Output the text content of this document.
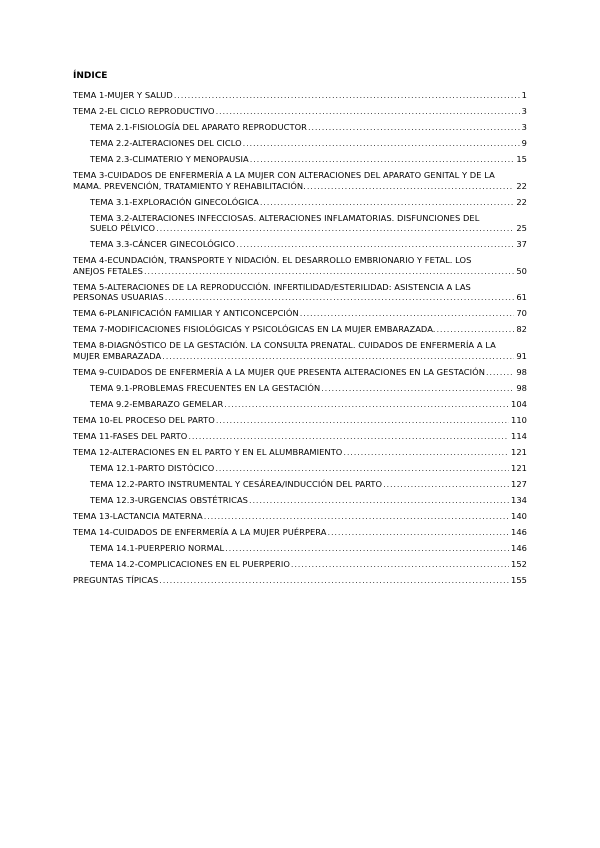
ÍNDICE
TEMA 1-MUJER Y SALUD .....	1
TEMA 2-EL CICLO REPRODUCTIVO .....	3
TEMA 2.1-FISIOLOGÍA DEL APARATO REPRODUCTOR .....	3
TEMA 2.2-ALTERACIONES DEL CICLO .....	9
TEMA 2.3-CLIMATERIO Y MENOPAUSIA .....	15
TEMA 3-CUIDADOS DE ENFERMERÍA A LA MUJER CON ALTERACIONES DEL APARATO GENITAL Y DE LA
MAMA. PREVENCIÓN, TRATAMIENTO Y REHABILITACIÓN. .....	22
TEMA 3.1-EXPLORACIÓN GINECOLÓGICA .....	22
TEMA 3.2-ALTERACIONES INFECCIOSAS. ALTERACIONES INFLAMATORIAS. DISFUNCIONES DEL
SUELO PÉLVICO .....	25
TEMA 3.3-CÁNCER GINECOLÓGICO .....	37
TEMA 4-ECUNDACIÓN, TRANSPORTE Y NIDACIÓN. EL DESARROLLO EMBRIONARIO Y FETAL. LOS
ANEJOS FETALES .....	50
TEMA 5-ALTERACIONES DE LA REPRODUCCIÓN. INFERTILIDAD/ESTERILIDAD: ASISTENCIA A LAS
PERSONAS USUARIAS .....	61
TEMA 6-PLANIFICACIÓN FAMILIAR Y ANTICONCEPCIÓN .....	70
TEMA 7-MODIFICACIONES FISIOLÓGICAS Y PSICOLÓGICAS EN LA MUJER EMBARAZADA. .....	82
TEMA 8-DIAGNÓSTICO DE LA GESTACIÓN. LA CONSULTA PRENATAL. CUIDADOS DE ENFERMERÍA A LA
MUJER EMBARAZADA .....	91
TEMA 9-CUIDADOS DE ENFERMERÍA A LA MUJER QUE PRESENTA ALTERACIONES EN LA GESTACIÓN .....	98
TEMA 9.1-PROBLEMAS FRECUENTES EN LA GESTACIÓN .....	98
TEMA 9.2-EMBARAZO GEMELAR .....	104
TEMA 10-EL PROCESO DEL PARTO .....	110
TEMA 11-FASES DEL PARTO .....	114
TEMA 12-ALTERACIONES EN EL PARTO Y EN EL ALUMBRAMIENTO .....	121
TEMA 12.1-PARTO DISTÓCICO .....	121
TEMA 12.2-PARTO INSTRUMENTAL Y CESÁREA/INDUCCIÓN DEL PARTO .....	127
TEMA 12.3-URGENCIAS OBSTÉTRICAS .....	134
TEMA 13-LACTANCIA MATERNA .....	140
TEMA 14-CUIDADOS DE ENFERMERÍA A LA MUJER PUÉRPERA .....	146
TEMA 14.1-PUERPERIO NORMAL .....	146
TEMA 14.2-COMPLICACIONES EN EL PUERPERIO .....	152
PREGUNTAS TÍPICAS .....	155
